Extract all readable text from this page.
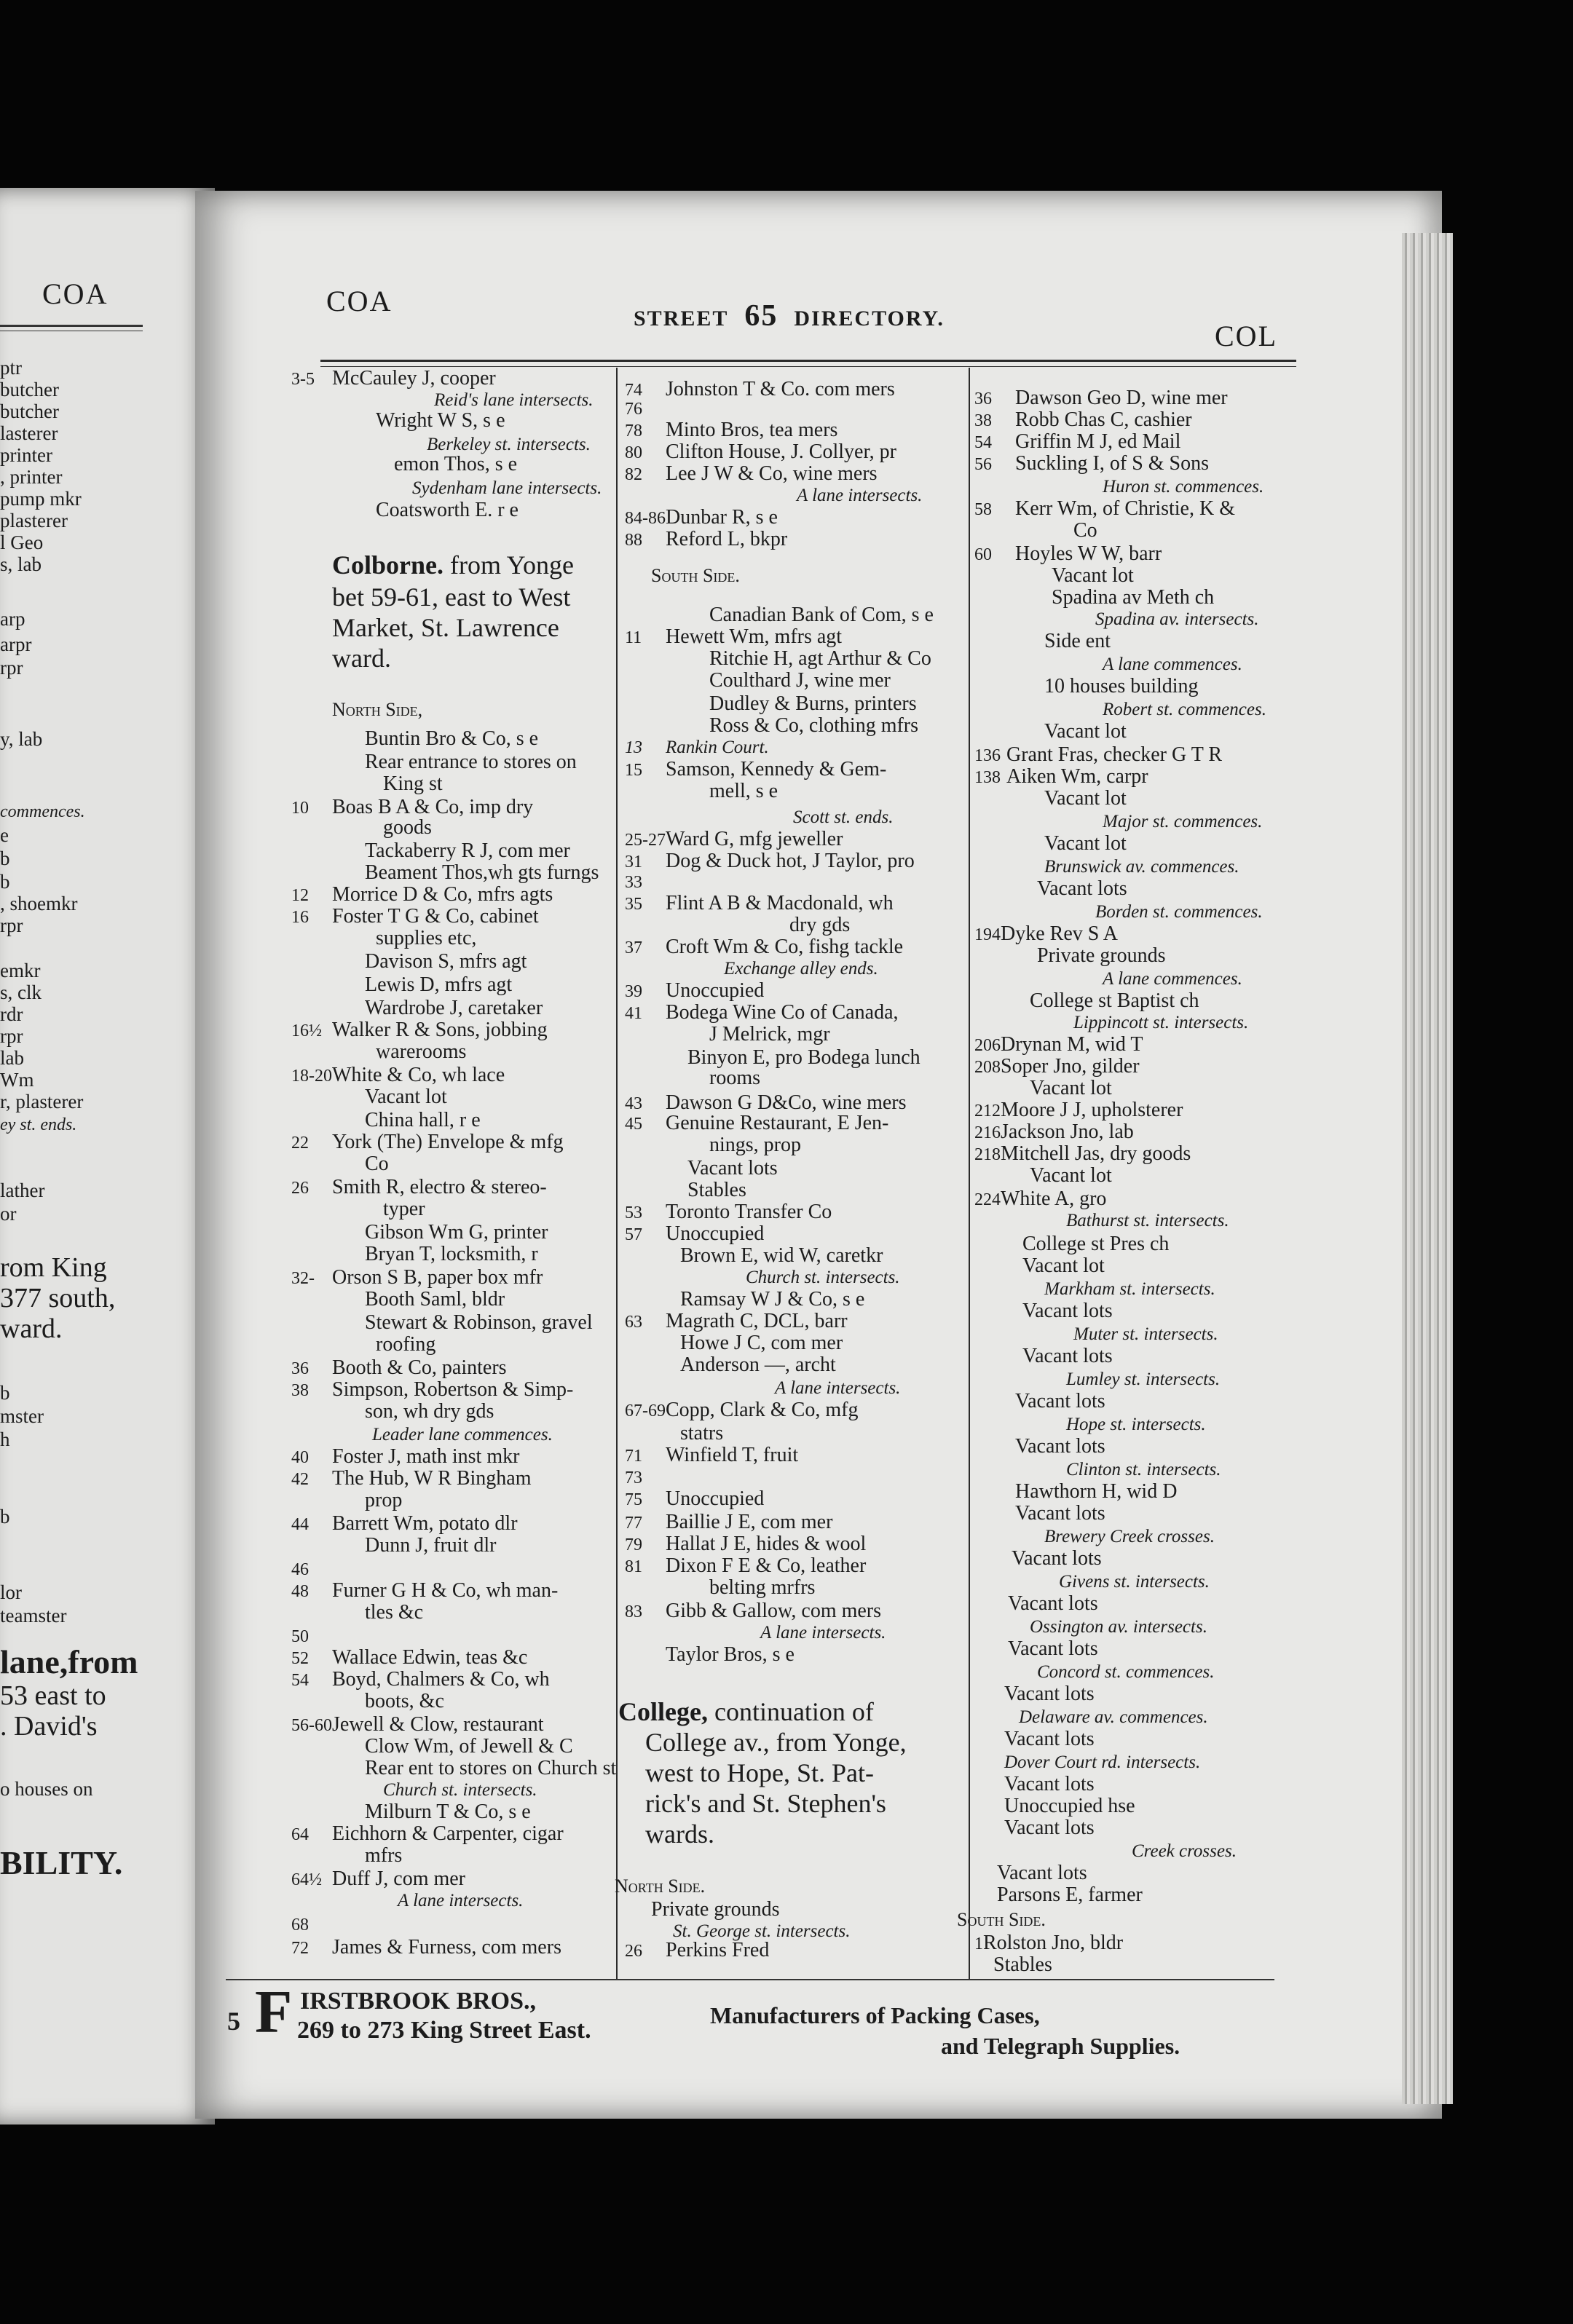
COA
ptr
butcher
butcher
lasterer
printer
, printer
pump mkr
plasterer
l Geo
s, lab
arp
arpr
rpr
y, lab
commences.
e
b
b
, shoemkr
rpr
emkr
s, clk
rdr
rpr
lab
Wm
r, plasterer
ey st. ends.
lather
or
rom King
377 south,
ward.
b
mster
h
b
lor
teamster
lane,from
53 east to
. David's
o houses on
BILITY.
COA
STREET 65 DIRECTORY.
COL
3-5 McCauley J, cooper
Reid's lane intersects.
Wright W S, s e
Berkeley st. intersects.
emon Thos, s e
Sydenham lane intersects.
Coatsworth E. r e
Colborne. from Yonge
bet 59-61, east to West
Market, St. Lawrence
ward.
North Side,
Buntin Bro & Co, s e
Rear entrance to stores on
King st
10 Boas B A & Co, imp dry
goods
Tackaberry R J, com mer
Beament Thos,wh gts furngs
12 Morrice D & Co, mfrs agts
16 Foster T G & Co, cabinet
supplies etc,
Davison S, mfrs agt
Lewis D, mfrs agt
Wardrobe J, caretaker
16½ Walker R & Sons, jobbing
warerooms
18-20White & Co, wh lace
Vacant lot
China hall, r e
22 York (The) Envelope & mfg
Co
26 Smith R, electro & stereo-
typer
Gibson Wm G, printer
Bryan T, locksmith, r
32- Orson S B, paper box mfr
Booth Saml, bldr
Stewart & Robinson, gravel
roofing
36 Booth & Co, painters
38 Simpson, Robertson & Simp-
son, wh dry gds
Leader lane commences.
40 Foster J, math inst mkr
42 The Hub, W R Bingham
prop
44 Barrett Wm, potato dlr
Dunn J, fruit dlr
46
48 Furner G H & Co, wh man-
tles &c
50
52 Wallace Edwin, teas &c
54 Boyd, Chalmers & Co, wh
boots, &c
56-60Jewell & Clow, restaurant
Clow Wm, of Jewell & C
Rear ent to stores on Church st
Church st. intersects.
Milburn T & Co, s e
64 Eichhorn & Carpenter, cigar
mfrs
64½ Duff J, com mer
A lane intersects.
68
72 James & Furness, com mers
74 Johnston T & Co. com mers
76
78 Minto Bros, tea mers
80 Clifton House, J. Collyer, pr
82 Lee J W & Co, wine mers
A lane intersects.
84-86Dunbar R, s e
88 Reford L, bkpr
South Side.
Canadian Bank of Com, s e
11 Hewett Wm, mfrs agt
Ritchie H, agt Arthur & Co
Coulthard J, wine mer
Dudley & Burns, printers
Ross & Co, clothing mfrs
13 Rankin Court.
15 Samson, Kennedy & Gem-
mell, s e
Scott st. ends.
25-27Ward G, mfg jeweller
31 Dog & Duck hot, J Taylor, pro
33
35 Flint A B & Macdonald, wh
dry gds
37 Croft Wm & Co, fishg tackle
Exchange alley ends.
39 Unoccupied
41 Bodega Wine Co of Canada,
J Melrick, mgr
Binyon E, pro Bodega lunch
rooms
43 Dawson G D&Co, wine mers
45 Genuine Restaurant, E Jen-
nings, prop
Vacant lots
Stables
53 Toronto Transfer Co
57 Unoccupied
Brown E, wid W, caretkr
Church st. intersects.
Ramsay W J & Co, s e
63 Magrath C, DCL, barr
Howe J C, com mer
Anderson —, archt
A lane intersects.
67-69Copp, Clark & Co, mfg
statrs
71 Winfield T, fruit
73
75 Unoccupied
77 Baillie J E, com mer
79 Hallat J E, hides & wool
81 Dixon F E & Co, leather
belting mrfrs
83 Gibb & Gallow, com mers
A lane intersects.
Taylor Bros, s e
College, continuation of
College av., from Yonge,
west to Hope, St. Pat-
rick's and St. Stephen's
wards.
North Side.
Private grounds
St. George st. intersects.
26 Perkins Fred
36 Dawson Geo D, wine mer
38 Robb Chas C, cashier
54 Griffin M J, ed Mail
56 Suckling I, of S & Sons
Huron st. commences.
58 Kerr Wm, of Christie, K &
Co
60 Hoyles W W, barr
Vacant lot
Spadina av Meth ch
Spadina av. intersects.
Side ent
A lane commences.
10 houses building
Robert st. commences.
Vacant lot
136 Grant Fras, checker G T R
138 Aiken Wm, carpr
Vacant lot
Major st. commences.
Vacant lot
Brunswick av. commences.
Vacant lots
Borden st. commences.
194Dyke Rev S A
Private grounds
A lane commences.
College st Baptist ch
Lippincott st. intersects.
206Drynan M, wid T
208Soper Jno, gilder
Vacant lot
212Moore J J, upholsterer
216Jackson Jno, lab
218Mitchell Jas, dry goods
Vacant lot
224White A, gro
Bathurst st. intersects.
College st Pres ch
Vacant lot
Markham st. intersects.
Vacant lots
Muter st. intersects.
Vacant lots
Lumley st. intersects.
Vacant lots
Hope st. intersects.
Vacant lots
Clinton st. intersects.
Hawthorn H, wid D
Vacant lots
Brewery Creek crosses.
Vacant lots
Givens st. intersects.
Vacant lots
Ossington av. intersects.
Vacant lots
Concord st. commences.
Vacant lots
Delaware av. commences.
Vacant lots
Dover Court rd. intersects.
Vacant lots
Unoccupied hse
Vacant lots
Creek crosses.
Vacant lots
Parsons E, farmer
South Side.
1Rolston Jno, bldr
Stables
5 F IRSTBROOK BROS.,
269 to 273 King Street East.
Manufacturers of Packing Cases,
and Telegraph Supplies.
